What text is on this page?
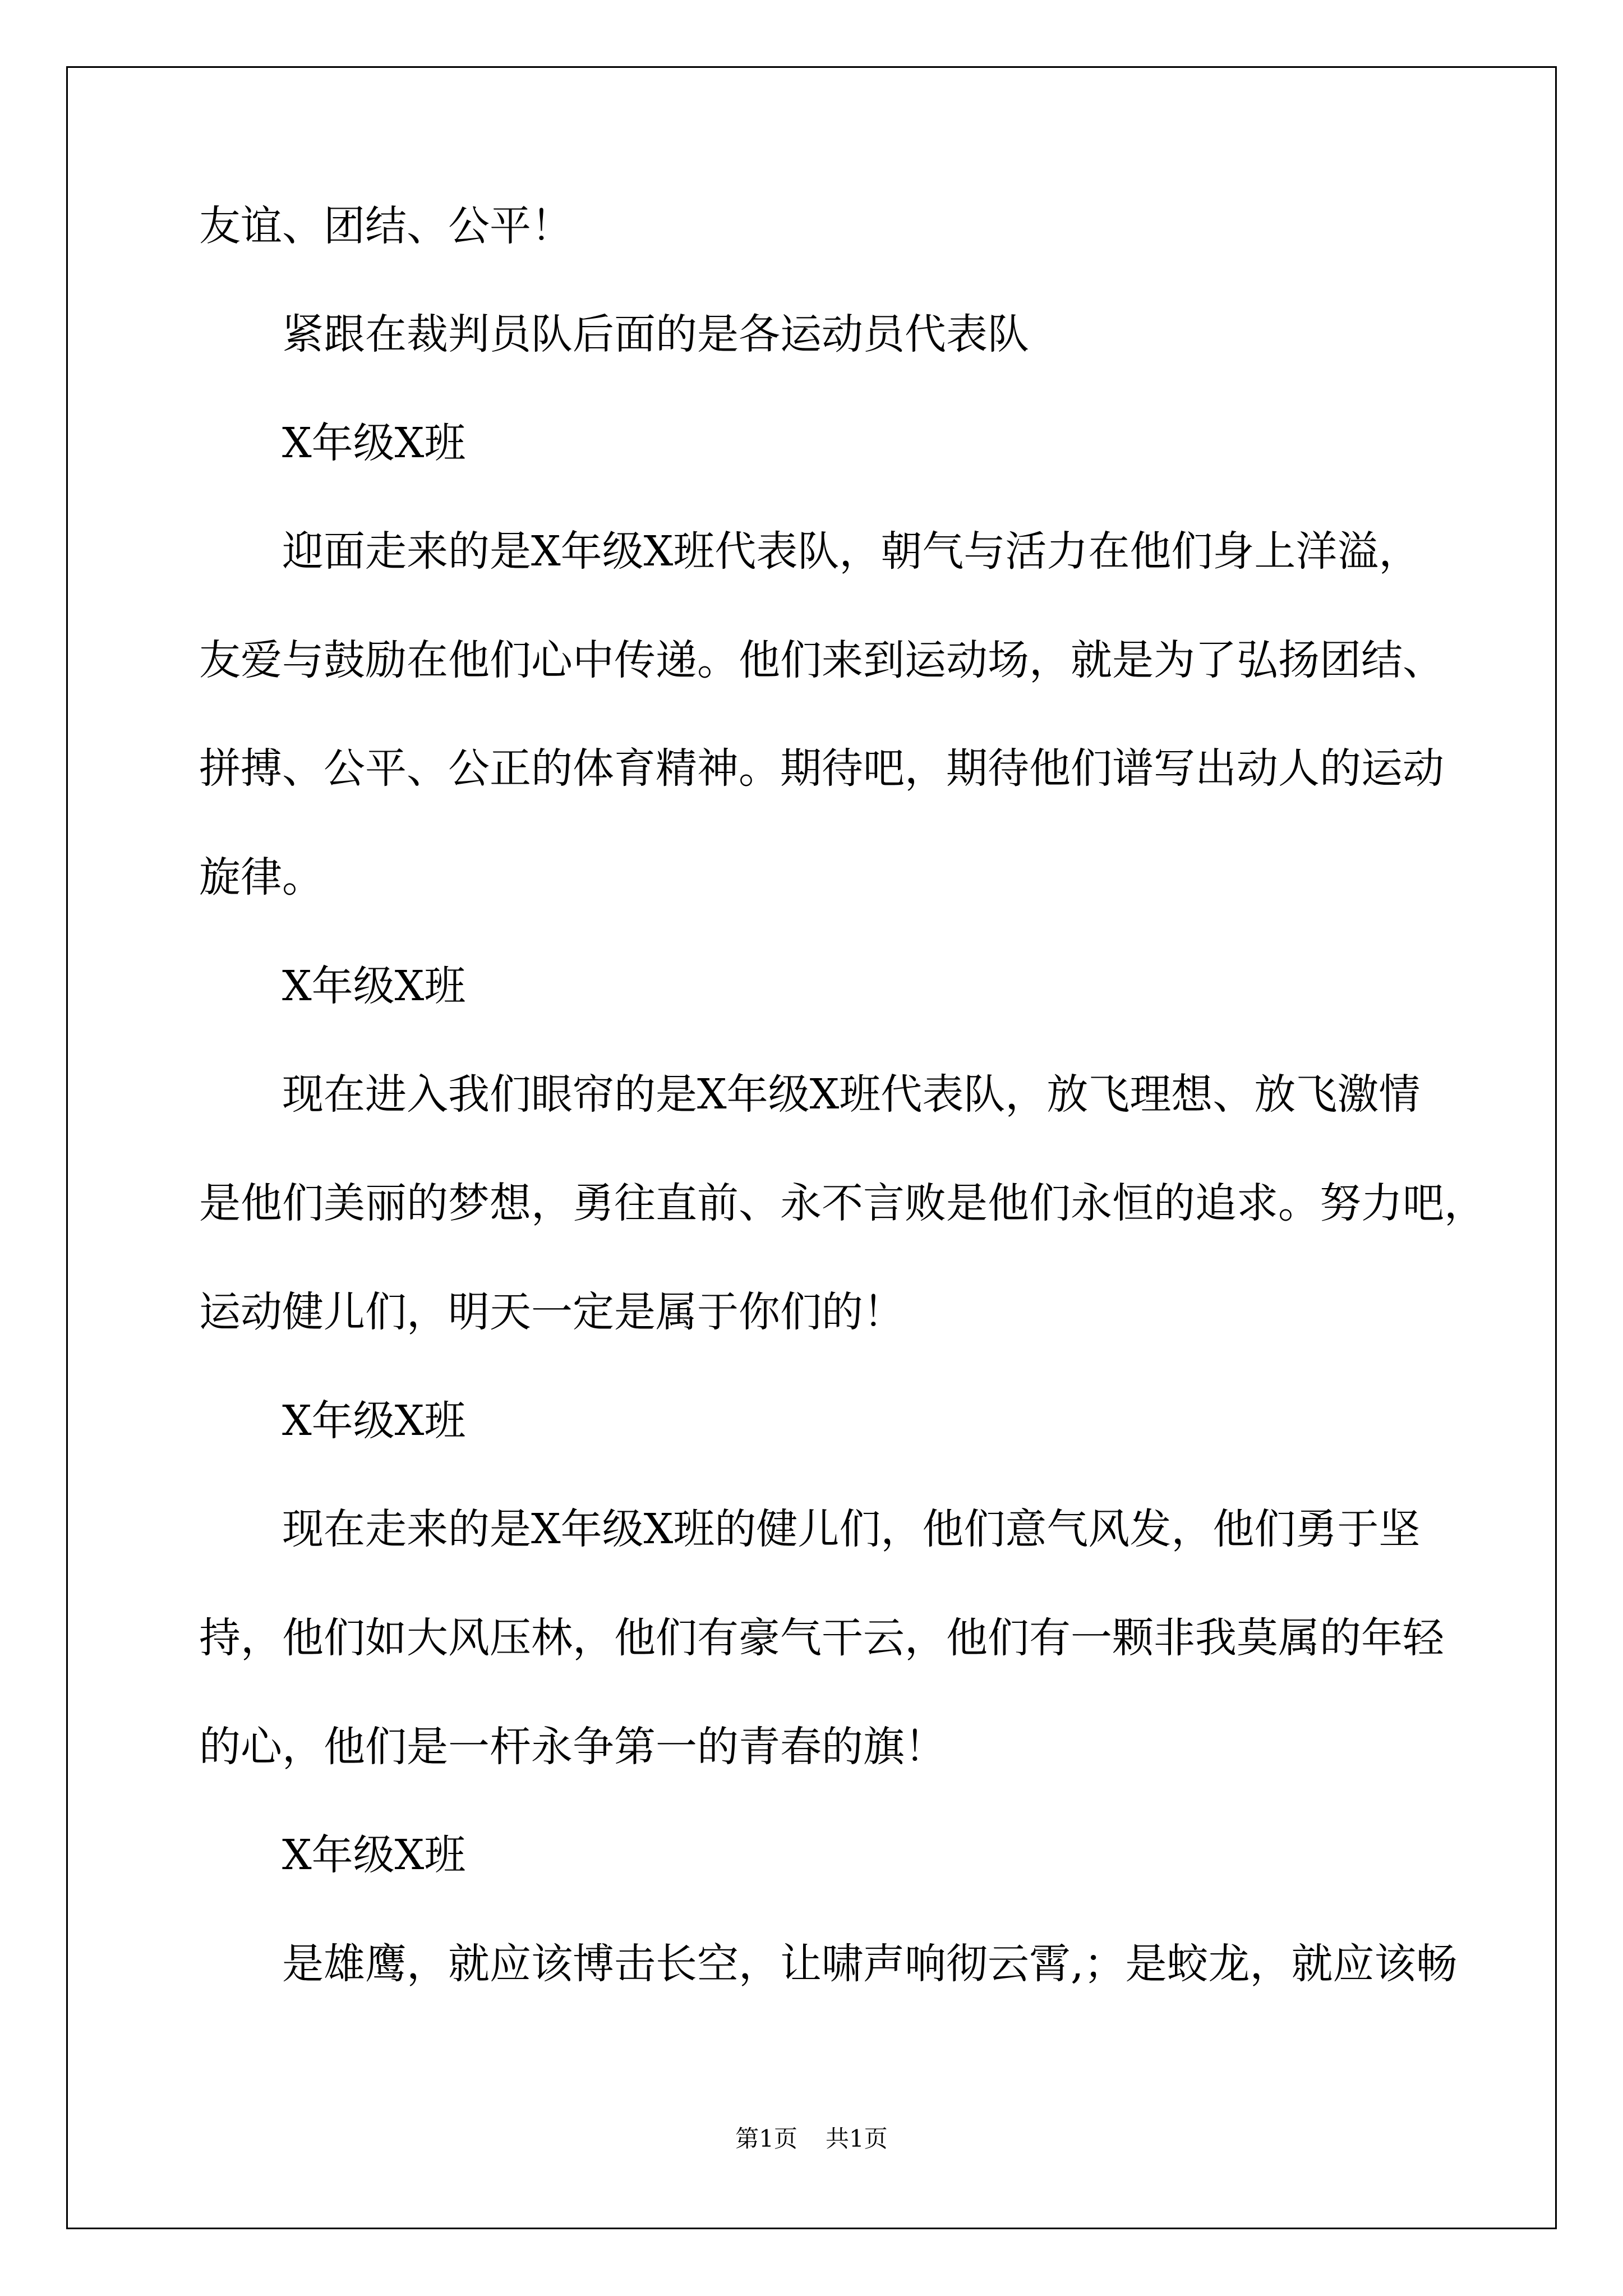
友谊、团结、公平！
紧跟在裁判员队后面的是各运动员代表队
X年级X班
迎面走来的是X年级X班代表队，朝气与活力在他们身上洋溢，
友爱与鼓励在他们心中传递。他们来到运动场，就是为了弘扬团结、
拼搏、公平、公正的体育精神。期待吧，期待他们谱写出动人的运动
旋律。
X年级X班
现在进入我们眼帘的是X年级X班代表队，放飞理想、放飞激情
是他们美丽的梦想，勇往直前、永不言败是他们永恒的追求。努力吧，
运动健儿们，明天一定是属于你们的！
X年级X班
现在走来的是X年级X班的健儿们，他们意气风发，他们勇于坚
持，他们如大风压林，他们有豪气干云，他们有一颗非我莫属的年轻
的心，他们是一杆永争第一的青春的旗！
X年级X班
是雄鹰，就应该博击长空，让啸声响彻云霄,；是蛟龙，就应该畅
第1页 共1页
